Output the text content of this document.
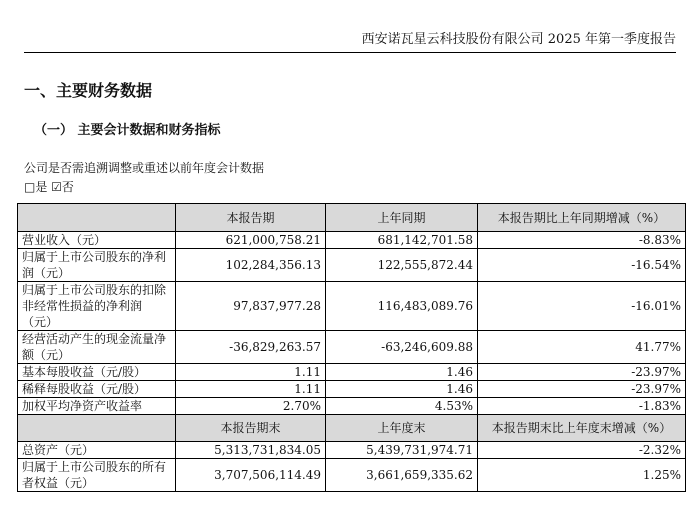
西安诺瓦星云科技股份有限公司 2025 年第一季度报告
一、主要财务数据
（一） 主要会计数据和财务指标
公司是否需追溯调整或重述以前年度会计数据
□是 ☑否
	本报告期	上年同期	本报告期比上年同期增减（%）
营业收入（元）	621,000,758.21	681,142,701.58	-8.83%
归属于上市公司股东的净利润（元）	102,284,356.13	122,555,872.44	-16.54%
归属于上市公司股东的扣除非经常性损益的净利润（元）	97,837,977.28	116,483,089.76	-16.01%
经营活动产生的现金流量净额（元）	-36,829,263.57	-63,246,609.88	41.77%
基本每股收益（元/股）	1.11	1.46	-23.97%
稀释每股收益（元/股）	1.11	1.46	-23.97%
加权平均净资产收益率	2.70%	4.53%	-1.83%
	本报告期末	上年度末	本报告期末比上年度末增减（%）
总资产（元）	5,313,731,834.05	5,439,731,974.71	-2.32%
归属于上市公司股东的所有者权益（元）	3,707,506,114.49	3,661,659,335.62	1.25%
